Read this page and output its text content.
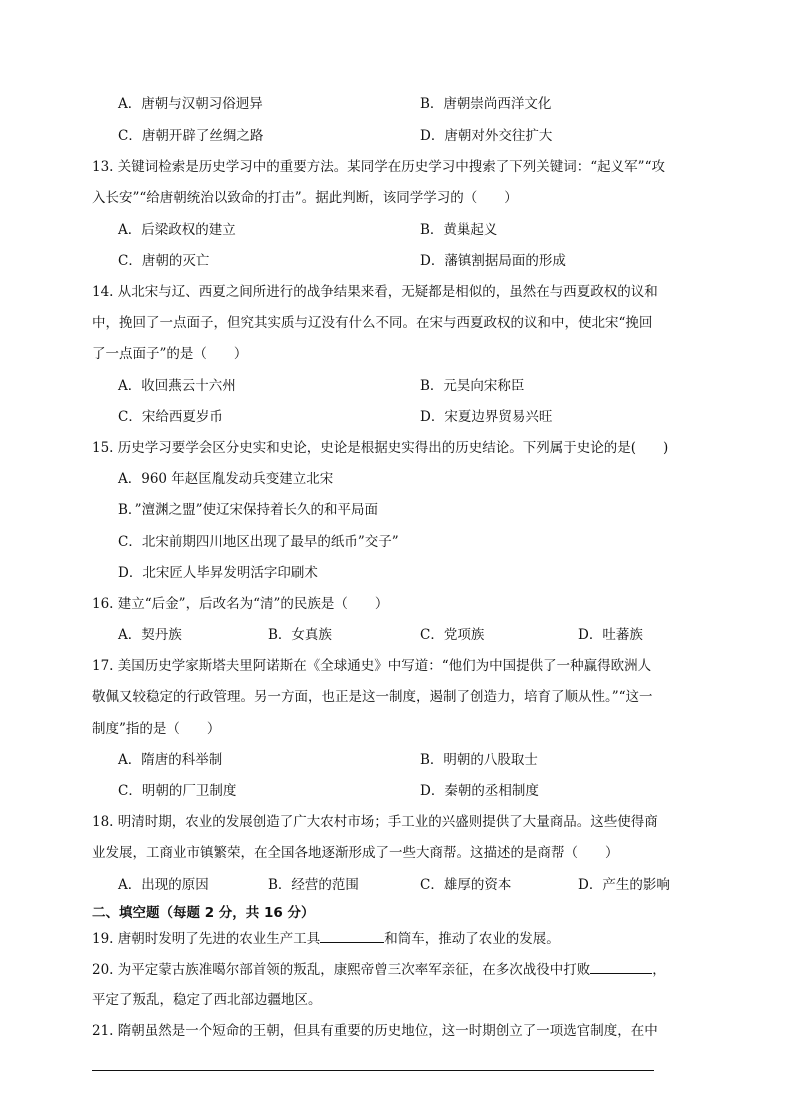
A．唐朝与汉朝习俗迥异	B．唐朝崇尚西洋文化
C．唐朝开辟了丝绸之路	D．唐朝对外交往扩大
13. 关键词检索是历史学习中的重要方法。某同学在历史学习中搜索了下列关键词：“起义军”“攻
入长安”“给唐朝统治以致命的打击”。据此判断，该同学学习的（　　）
A．后梁政权的建立	B．黄巢起义
C．唐朝的灭亡	D．藩镇割据局面的形成
14. 从北宋与辽、西夏之间所进行的战争结果来看，无疑都是相似的，虽然在与西夏政权的议和
中，挽回了一点面子，但究其实质与辽没有什么不同。在宋与西夏政权的议和中，使北宋“挽回
了一点面子”的是（　　）
A．收回燕云十六州	B．元昊向宋称臣
C．宋给西夏岁币	D．宋夏边界贸易兴旺
15. 历史学习要学会区分史实和史论，史论是根据史实得出的历史结论。下列属于史论的是(　　)
A．960 年赵匡胤发动兵变建立北宋
B．”澶渊之盟”使辽宋保持着长久的和平局面
C．北宋前期四川地区出现了最早的纸币”交子”
D．北宋匠人毕昇发明活字印刷术
16. 建立“后金”，后改名为“清”的民族是（　　）
A．契丹族	B．女真族	C．党项族	D．吐蕃族
17. 美国历史学家斯塔夫里阿诺斯在《全球通史》中写道：“他们为中国提供了一种赢得欧洲人
敬佩又较稳定的行政管理。另一方面，也正是这一制度，遏制了创造力，培育了顺从性。”“这一
制度”指的是（　　）
A．隋唐的科举制	B．明朝的八股取士
C．明朝的厂卫制度	D．秦朝的丞相制度
18. 明清时期，农业的发展创造了广大农村市场；手工业的兴盛则提供了大量商品。这些使得商
业发展，工商业市镇繁荣，在全国各地逐渐形成了一些大商帮。这描述的是商帮（　　）
A．出现的原因	B．经营的范围	C．雄厚的资本	D．产生的影响
二、填空题（每题 2 分，共 16 分）
19. 唐朝时发明了先进的农业生产工具	和筒车，推动了农业的发展。
20. 为平定蒙古族准噶尔部首领的叛乱，康熙帝曾三次率军亲征，在多次战役中打败	，
平定了叛乱，稳定了西北部边疆地区。
21. 隋朝虽然是一个短命的王朝，但具有重要的历史地位，这一时期创立了一项选官制度，在中
